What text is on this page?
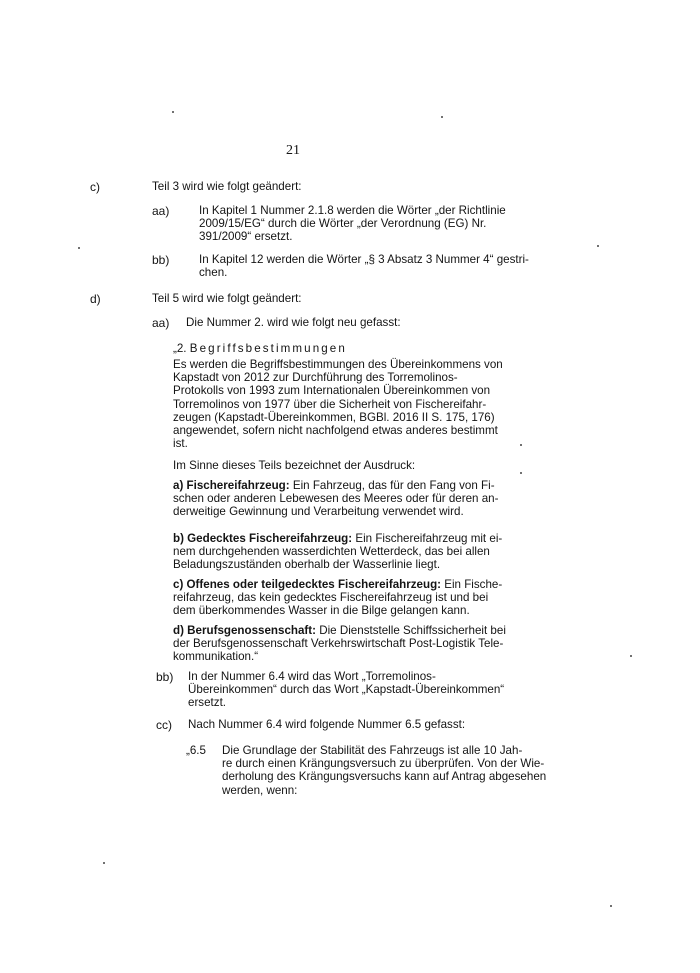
21
c)	Teil 3 wird wie folgt geändert:
aa)	In Kapitel 1 Nummer 2.1.8 werden die Wörter „der Richtlinie
2009/15/EG“ durch die Wörter „der Verordnung (EG) Nr.
391/2009“ ersetzt.
bb)	In Kapitel 12 werden die Wörter „§ 3 Absatz 3 Nummer 4“ gestri-
chen.
d)	Teil 5 wird wie folgt geändert:
aa) Die Nummer 2. wird wie folgt neu gefasst:
„2. Begriffsbestimmungen
Es werden die Begriffsbestimmungen des Übereinkommens von
Kapstadt von 2012 zur Durchführung des Torremolinos-
Protokolls von 1993 zum Internationalen Übereinkommen von
Torremolinos von 1977 über die Sicherheit von Fischereifahr-
zeugen (Kapstadt-Übereinkommen, BGBl. 2016 II S. 175, 176)
angewendet, sofern nicht nachfolgend etwas anderes bestimmt
ist.
Im Sinne dieses Teils bezeichnet der Ausdruck:
a) Fischereifahrzeug: Ein Fahrzeug, das für den Fang von Fi-
schen oder anderen Lebewesen des Meeres oder für deren an-
derweitige Gewinnung und Verarbeitung verwendet wird.
b) Gedecktes Fischereifahrzeug: Ein Fischereifahrzeug mit ei-
nem durchgehenden wasserdichten Wetterdeck, das bei allen
Beladungszuständen oberhalb der Wasserlinie liegt.
c) Offenes oder teilgedecktes Fischereifahrzeug: Ein Fische-
reifahrzeug, das kein gedecktes Fischereifahrzeug ist und bei
dem überkommendes Wasser in die Bilge gelangen kann.
d) Berufsgenossenschaft: Die Dienststelle Schiffssicherheit bei
der Berufsgenossenschaft Verkehrswirtschaft Post-Logistik Tele-
kommunikation.“
bb) In der Nummer 6.4 wird das Wort „Torremolinos-
Übereinkommen“ durch das Wort „Kapstadt-Übereinkommen“
ersetzt.
cc) Nach Nummer 6.4 wird folgende Nummer 6.5 gefasst:
„6.5 Die Grundlage der Stabilität des Fahrzeugs ist alle 10 Jah-
re durch einen Krängungsversuch zu überprüfen. Von der Wie-
derholung des Krängungsversuchs kann auf Antrag abgesehen
werden, wenn:
